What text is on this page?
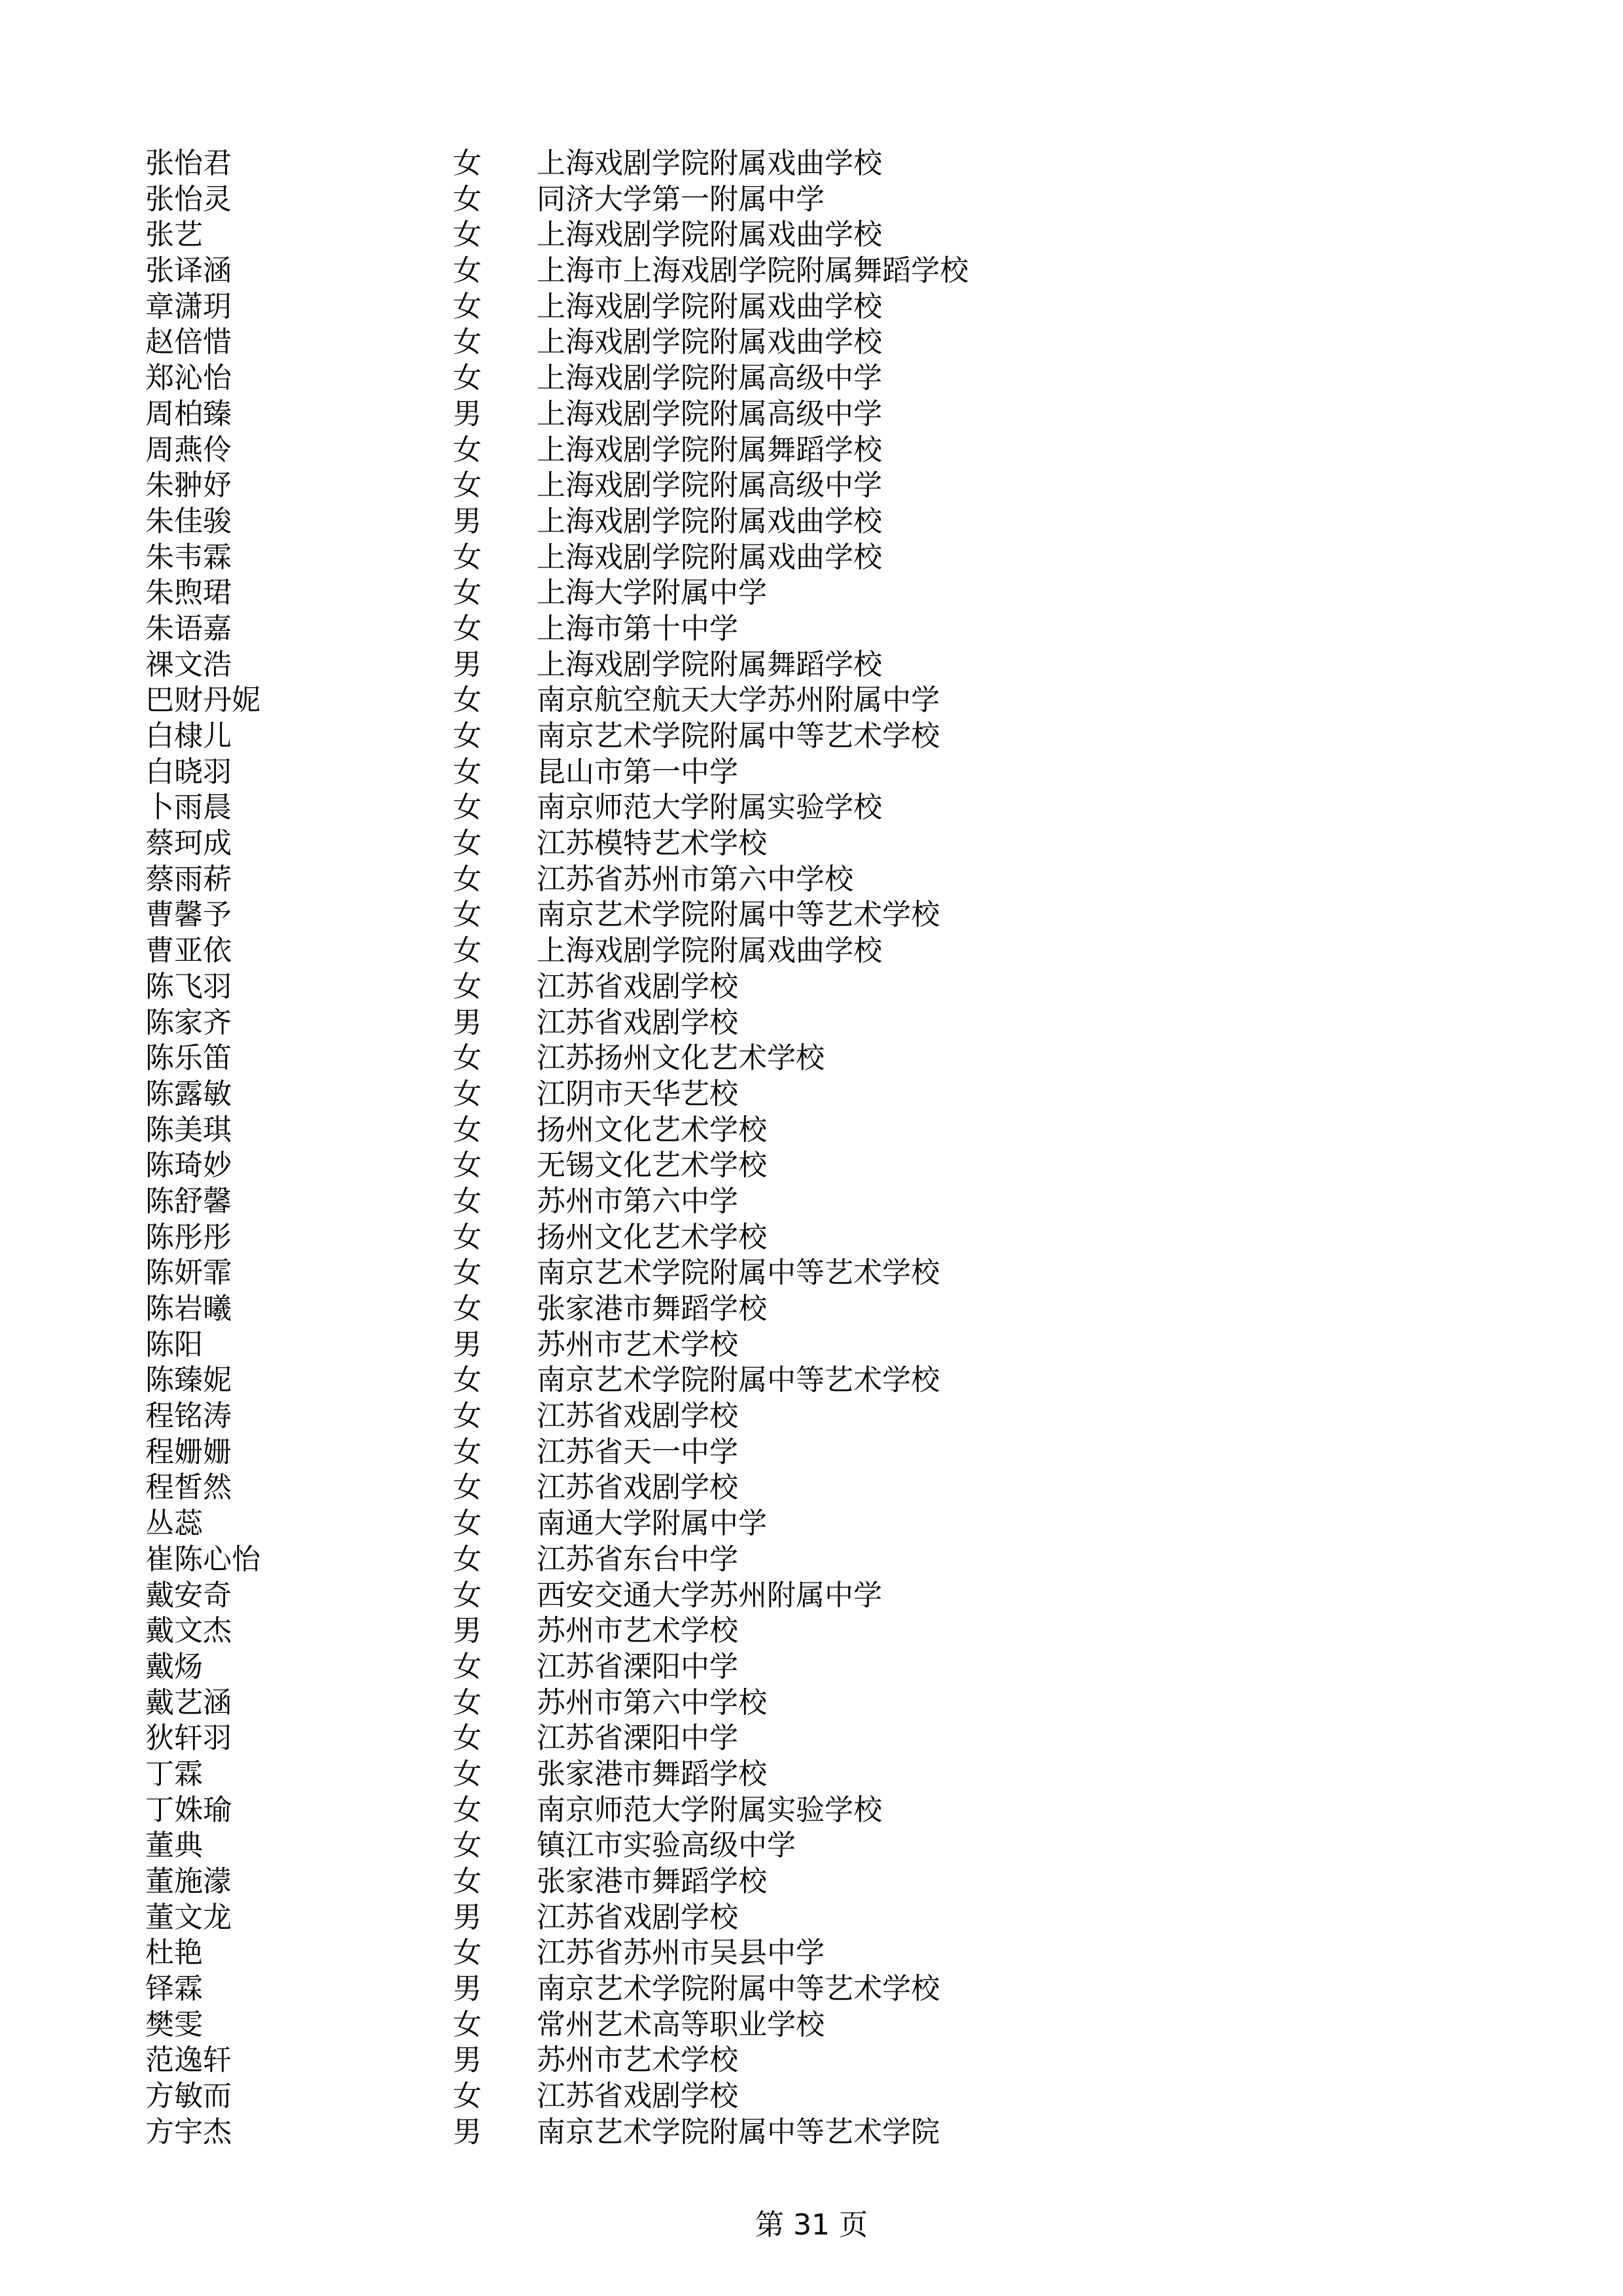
张怡君	女 上海戏剧学院附属戏曲学校
张怡灵	女 同济大学第一附属中学
张艺	女 上海戏剧学院附属戏曲学校
张译涵	女 上海市上海戏剧学院附属舞蹈学校
章潇玥	女 上海戏剧学院附属戏曲学校
赵倍惜	女 上海戏剧学院附属戏曲学校
郑沁怡	女 上海戏剧学院附属高级中学
周柏臻	男 上海戏剧学院附属高级中学
周燕伶	女 上海戏剧学院附属舞蹈学校
朱翀妤	女 上海戏剧学院附属高级中学
朱佳骏	男 上海戏剧学院附属戏曲学校
朱韦霖	女 上海戏剧学院附属戏曲学校
朱煦珺	女 上海大学附属中学
朱语嘉	女 上海市第十中学
祼文浩	男 上海戏剧学院附属舞蹈学校
巴财丹妮	女 南京航空航天大学苏州附属中学
白棣儿	女 南京艺术学院附属中等艺术学校
白晓羽	女 昆山市第一中学
卜雨晨	女 南京师范大学附属实验学校
蔡珂成	女 江苏模特艺术学校
蔡雨菥	女 江苏省苏州市第六中学校
曹馨予	女 南京艺术学院附属中等艺术学校
曹亚依	女 上海戏剧学院附属戏曲学校
陈飞羽	女 江苏省戏剧学校
陈家齐	男 江苏省戏剧学校
陈乐笛	女 江苏扬州文化艺术学校
陈露敏	女 江阴市天华艺校
陈美琪	女 扬州文化艺术学校
陈琦妙	女 无锡文化艺术学校
陈舒馨	女 苏州市第六中学
陈彤彤	女 扬州文化艺术学校
陈妍霏	女 南京艺术学院附属中等艺术学校
陈岩曦	女 张家港市舞蹈学校
陈阳	男 苏州市艺术学校
陈臻妮	女 南京艺术学院附属中等艺术学校
程铭涛	女 江苏省戏剧学校
程姗姗	女 江苏省天一中学
程皙然	女 江苏省戏剧学校
丛蕊	女 南通大学附属中学
崔陈心怡	女 江苏省东台中学
戴安奇	女 西安交通大学苏州附属中学
戴文杰	男 苏州市艺术学校
戴炀	女 江苏省溧阳中学
戴艺涵	女 苏州市第六中学校
狄轩羽	女 江苏省溧阳中学
丁霖	女 张家港市舞蹈学校
丁姝瑜	女 南京师范大学附属实验学校
董典	女 镇江市实验高级中学
董施濛	女 张家港市舞蹈学校
董文龙	男 江苏省戏剧学校
杜艳	女 江苏省苏州市吴县中学
铎霖	男 南京艺术学院附属中等艺术学校
樊雯	女 常州艺术高等职业学校
范逸轩	男 苏州市艺术学校
方敏而	女 江苏省戏剧学校
方宇杰	男 南京艺术学院附属中等艺术学院
第 31 页
